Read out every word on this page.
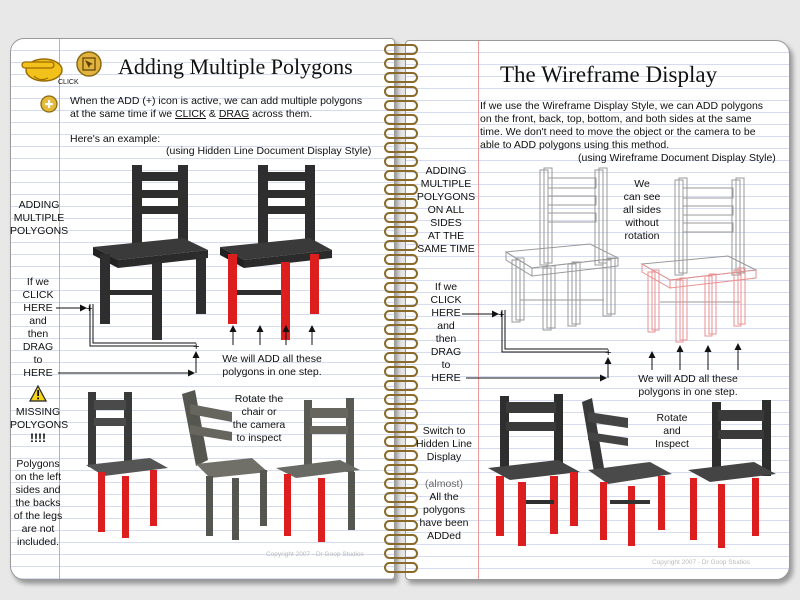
+
+
+
+
CLICK
Adding Multiple Polygons
When the ADD (+) icon is active, we can add multiple polygons
at the same time if we CLICK & DRAG across them.
Here's an example:
(using Hidden Line Document Display Style)
ADDING
MULTIPLE
POLYGONS
If we
CLICK
HERE
and
then
DRAG
to
HERE
We will ADD all these
polygons in one step.
MISSING
POLYGONS
!!!!
Polygons
on the left
sides and
the backs
of the legs
are not
included.
Rotate the
chair or
the camera
to inspect
Copyright 2007 - Dr Goop Studios
The Wireframe Display
If we use the Wireframe Display Style, we can ADD polygons
on the front, back, top, bottom, and both sides at the same
time. We don't need to move the object or the camera to be
able to ADD polygons using this method.
(using Wireframe Document Display Style)
ADDING
MULTIPLE
POLYGONS
ON ALL
SIDES
AT THE
SAME TIME
We
can see
all sides
without
rotation
If we
CLICK
HERE
and
then
DRAG
to
HERE	We will ADD all these
polygons in one step.
Switch to
Hidden Line
Display
(almost)
All the
polygons
have been
ADDed
Rotate
and
Inspect
Copyright 2007 - Dr Goop Studios
